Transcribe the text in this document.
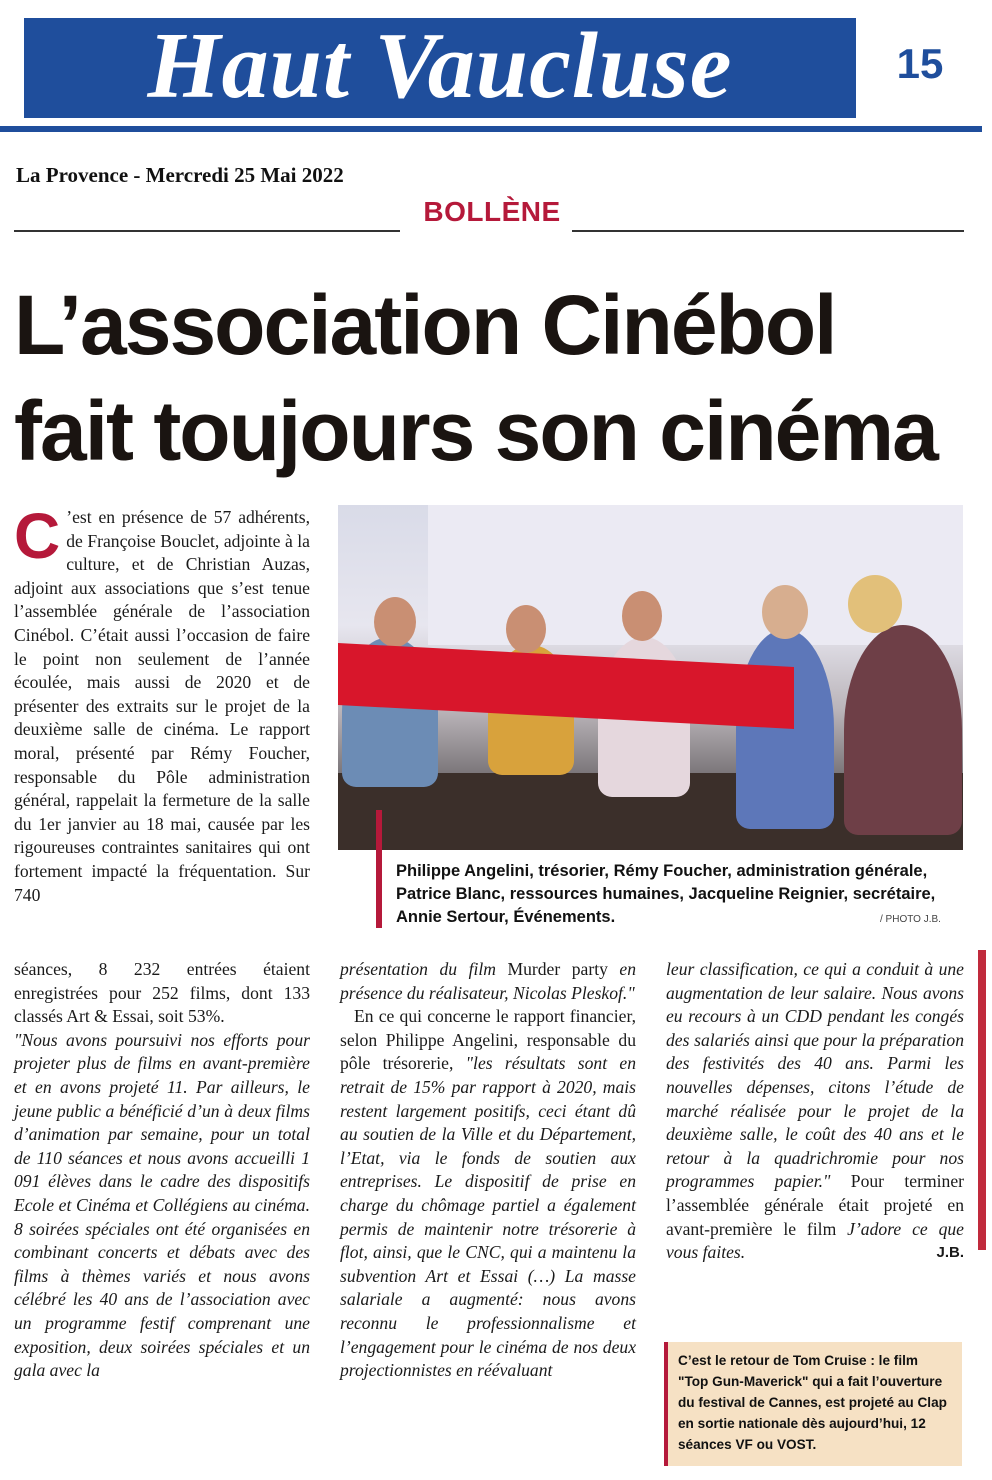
Haut Vaucluse	15
La Provence - Mercredi 25 Mai 2022
BOLLÈNE
L’association Cinébol
fait toujours son cinéma

C ’est en présence de 57 adhérents, de Françoise Bouclet, adjointe à la culture, et de Christian Auzas, adjoint aux associations que s’est tenue l’assemblée générale de l’association Cinébol. C’était aussi l’occasion de faire le point non seulement de l’année écoulée, mais aussi de 2020 et de présenter des extraits sur le projet de la deuxième salle de cinéma. Le rapport moral, présenté par Rémy Foucher, responsable du Pôle administration général, rappelait la fermeture de la salle du 1er janvier au 18 mai, causée par les rigoureuses contraintes sanitaires qui ont fortement impacté la fréquentation. Sur 740

Philippe Angelini, trésorier, Rémy Foucher, administration générale, Patrice Blanc, ressources humaines, Jacqueline Reignier, secrétaire, Annie Sertour, Événements.	/ PHOTO J.B.

séances, 8 232 entrées étaient enregistrées pour 252 films, dont 133 classés Art & Essai, soit 53%.

"Nous avons poursuivi nos efforts pour projeter plus de films en avant-première et en avons projeté 11. Par ailleurs, le jeune public a bénéficié d’un à deux films d’animation par semaine, pour un total de 110 séances et nous avons accueilli 1 091 élèves dans le cadre des dispositifs Ecole et Cinéma et Collégiens au cinéma. 8 soirées spéciales ont été organisées en combinant concerts et débats avec des films à thèmes variés et nous avons célébré les 40 ans de l’association avec un programme festif comprenant une exposition, deux soirées spéciales et un gala avec la

présentation du film Murder party en présence du réalisateur, Nicolas Pleskof."

En ce qui concerne le rapport financier, selon Philippe Angelini, responsable du pôle trésorerie, "les résultats sont en retrait de 15% par rapport à 2020, mais restent largement positifs, ceci étant dû au soutien de la Ville et du Département, l’Etat, via le fonds de soutien aux entreprises. Le dispositif de prise en charge du chômage partiel a également permis de maintenir notre trésorerie à flot, ainsi, que le CNC, qui a maintenu la subvention Art et Essai (…) La masse salariale a augmenté: nous avons reconnu le professionnalisme et l’engagement pour le cinéma de nos deux projectionnistes en réévaluant

leur classification, ce qui a conduit à une augmentation de leur salaire. Nous avons eu recours à un CDD pendant les congés des salariés ainsi que pour la préparation des festivités des 40 ans. Parmi les nouvelles dépenses, citons l’étude de marché réalisée pour le projet de la deuxième salle, le coût des 40 ans et le retour à la quadrichromie pour nos programmes papier." Pour terminer l’assemblée générale était projeté en avant-première le film J’adore ce que vous faites.	J.B.

C’est le retour de Tom Cruise : le film "Top Gun-Maverick" qui a fait l’ouverture du festival de Cannes, est projeté au Clap en sortie nationale dès aujourd’hui, 12 séances VF ou VOST.
